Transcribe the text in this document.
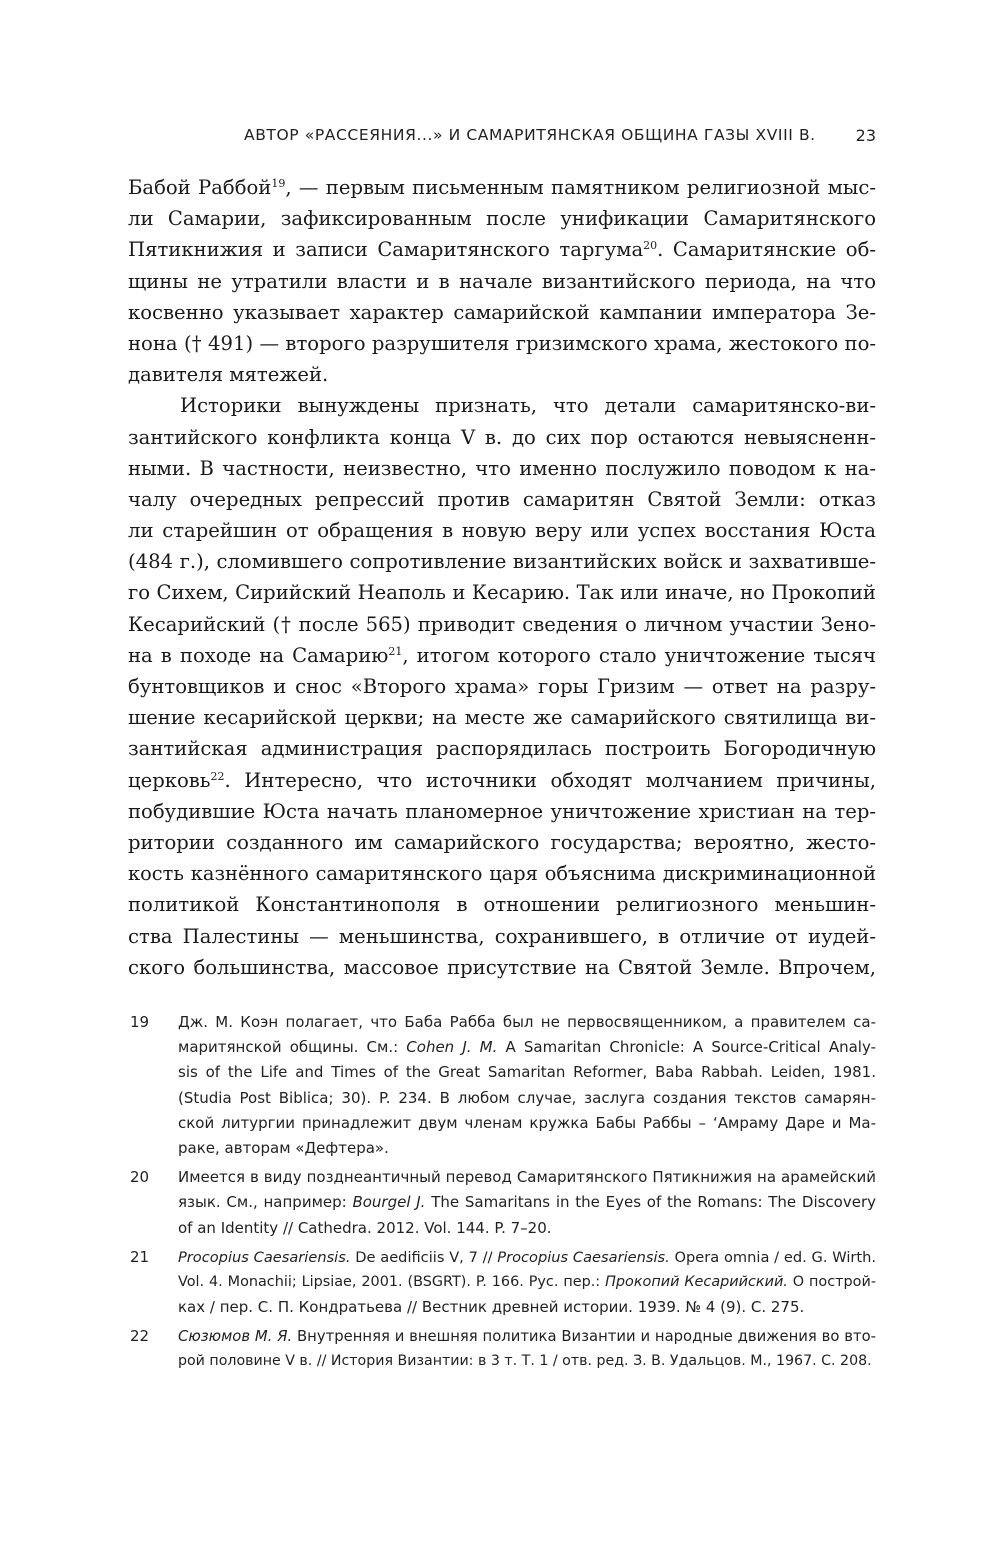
АВТОР «РАССЕЯНИЯ...» И САМАРИТЯНСКАЯ ОБЩИНА ГАЗЫ XVIII В. 23
Бабой Раббой$^{19}$, — первым письменным памятником религиозной мыс-
ли Самарии, зафиксированным после унификации Самаритянского
Пятикнижия и записи Самаритянского таргума$^{20}$. Самаритянские об-
щины не утратили власти и в начале византийского периода, на что
косвенно указывает характер самарийской кампании императора Зе-
нона († 491) — второго разрушителя гризимского храма, жестокого по-
давителя мятежей.
Историки вынуждены признать, что детали самаритянско-ви-
зантийского конфликта конца V в. до сих пор остаются невыясненн-
ными. В частности, неизвестно, что именно послужило поводом к на-
чалу очередных репрессий против самаритян Святой Земли: отказ
ли старейшин от обращения в новую веру или успех восстания Юста
(484 г.), сломившего сопротивление византийских войск и захвативше-
го Сихем, Сирийский Неаполь и Кесарию. Так или иначе, но Прокопий
Кесарийский († после 565) приводит сведения о личном участии Зено-
на в походе на Самарию$^{21}$, итогом которого стало уничтожение тысяч
бунтовщиков и снос «Второго храма» горы Гризим — ответ на разру-
шение кесарийской церкви; на месте же самарийского святилища ви-
зантийская администрация распорядилась построить Богородичную
церковь$^{22}$. Интересно, что источники обходят молчанием причины,
побудившие Юста начать планомерное уничтожение христиан на тер-
ритории созданного им самарийского государства; вероятно, жесто-
кость казнённого самаритянского царя объяснима дискриминационной
политикой Константинополя в отношении религиозного меньшин-
ства Палестины — меньшинства, сохранившего, в отличие от иудей-
ского большинства, массовое присутствие на Святой Земле. Впрочем,
19 Дж. М. Коэн полагает, что Баба Рабба был не первосвященником, а правителем са-
маритянской общины. См.: Cohen J. M. A Samaritan Chronicle: A Source-Critical Analy-
sis of the Life and Times of the Great Samaritan Reformer, Baba Rabbah. Leiden, 1981.
(Studia Post Biblica; 30). P. 234. В любом случае, заслуга создания текстов самарян-
ской литургии принадлежит двум членам кружка Бабы Раббы – ‘Амраму Даре и Ма-
раке, авторам «Дефтера».
20 Имеется в виду позднеантичный перевод Самаритянского Пятикнижия на арамейский
язык. См., например: Bourgel J. The Samaritans in the Eyes of the Romans: The Discovery
of an Identity // Cathedra. 2012. Vol. 144. P. 7–20.
21 Procopius Caesariensis. De aedificiis V, 7 // Procopius Caesariensis. Opera omnia / ed. G. Wirth.
Vol. 4. Monachii; Lipsiae, 2001. (BSGRT). P. 166. Рус. пер.: Прокопий Кесарийский. О построй-
ках / пер. С. П. Кондратьева // Вестник древней истории. 1939. № 4 (9). С. 275.
22 Сюзюмов М. Я. Внутренняя и внешняя политика Византии и народные движения во вто-
рой половине V в. // История Византии: в 3 т. Т. 1 / отв. ред. З. В. Удальцов. М., 1967. С. 208.
